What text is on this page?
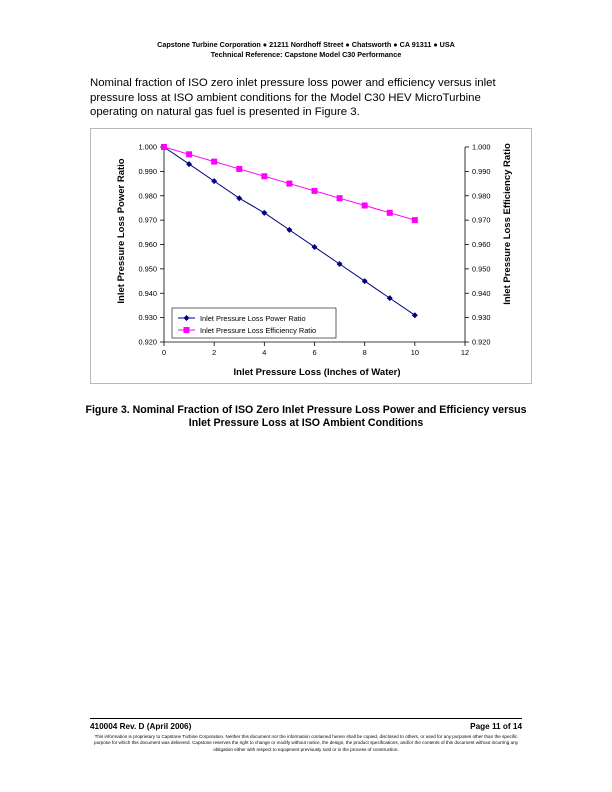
Capstone Turbine Corporation ● 21211 Nordhoff Street ● Chatsworth ● CA 91311 ● USA
Technical Reference: Capstone Model C30 Performance
Nominal fraction of ISO zero inlet pressure loss power and efficiency versus inlet pressure loss at ISO ambient conditions for the Model C30 HEV MicroTurbine operating on natural gas fuel is presented in Figure 3.
0.920
0.930
0.940
0.950
0.960
0.970
0.980
0.990
1.000
0.920
0.930
0.940
0.950
0.960
0.970
0.980
0.990
1.000
0	2	4	6	8	10	12
Inlet Pressure Loss Power Ratio	Inlet Pressure Loss Efficiency Ratio
Inlet Pressure Loss (Inches of Water)
Inlet Pressure Loss Power Ratio
Inlet Pressure Loss Efficiency Ratio
Figure 3. Nominal Fraction of ISO Zero Inlet Pressure Loss Power and Efficiency versus Inlet Pressure Loss at ISO Ambient Conditions
410004 Rev. D (April 2006)	Page 11 of 14
This information is proprietary to Capstone Turbine Corporation. Neither this document nor the information contained herein shall be copied, disclosed to others, or used for any purposes other than the specific purpose for which this document was delivered. Capstone reserves the right to change or modify without notice, the design, the product specifications, and/or the contents of this document without incurring any obligation either with respect to equipment previously sold or in the process of construction.
